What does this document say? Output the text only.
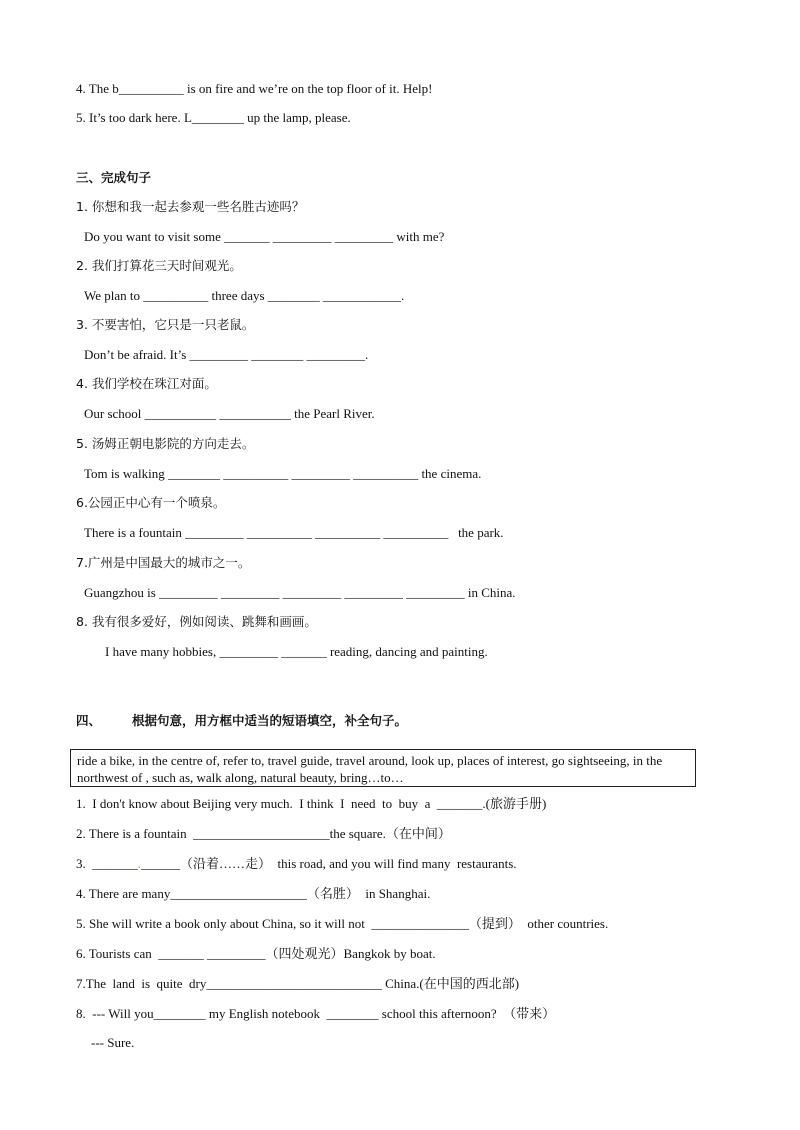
4. The b__________ is on fire and we’re on the top floor of it. Help!
5. It’s too dark here. L________ up the lamp, please.
三、完成句子
1. 你想和我一起去参观一些名胜古迹吗？
Do you want to visit some _______ _________ _________ with me?
2. 我们打算花三天时间观光。
We plan to __________ three days ________ ____________.
3. 不要害怕，它只是一只老鼠。
Don’t be afraid. It’s _________ ________ _________.
4. 我们学校在珠江对面。
Our school ___________ ___________ the Pearl River.
5. 汤姆正朝电影院的方向走去。
Tom is walking ________ __________ _________ __________ the cinema.
6.公园正中心有一个喷泉。
There is a fountain _________ __________ __________ __________   the park.
7.广州是中国最大的城市之一。
Guangzhou is _________ _________ _________ _________ _________ in China.
8. 我有很多爱好，例如阅读、跳舞和画画。
I have many hobbies, _________ _______ reading, dancing and painting.
四、 根据句意，用方框中适当的短语填空，补全句子。
ride a bike, in the centre of, refer to, travel guide, travel around, look up, places of interest, go sightseeing, in the northwest of , such as, walk along, natural beauty, bring…to…
1.  I don't know about Beijing very much.  I think  I  need  to  buy  a  _______.(旅游手册)
2. There is a fountain  _____________________the square.（在中间）
3.  _______.______（沿着……走）  this road, and you will find many  restaurants.
4. There are many_____________________（名胜）  in Shanghai.
5. She will write a book only about China, so it will not  _______________（提到）  other countries.
6. Tourists can  _______ _________（四处观光）Bangkok by boat.
7.The  land  is  quite  dry___________________________ China.(在中国的西北部)
8.  --- Will you________ my English notebook  ________ school this afternoon?  （带来）
--- Sure.
